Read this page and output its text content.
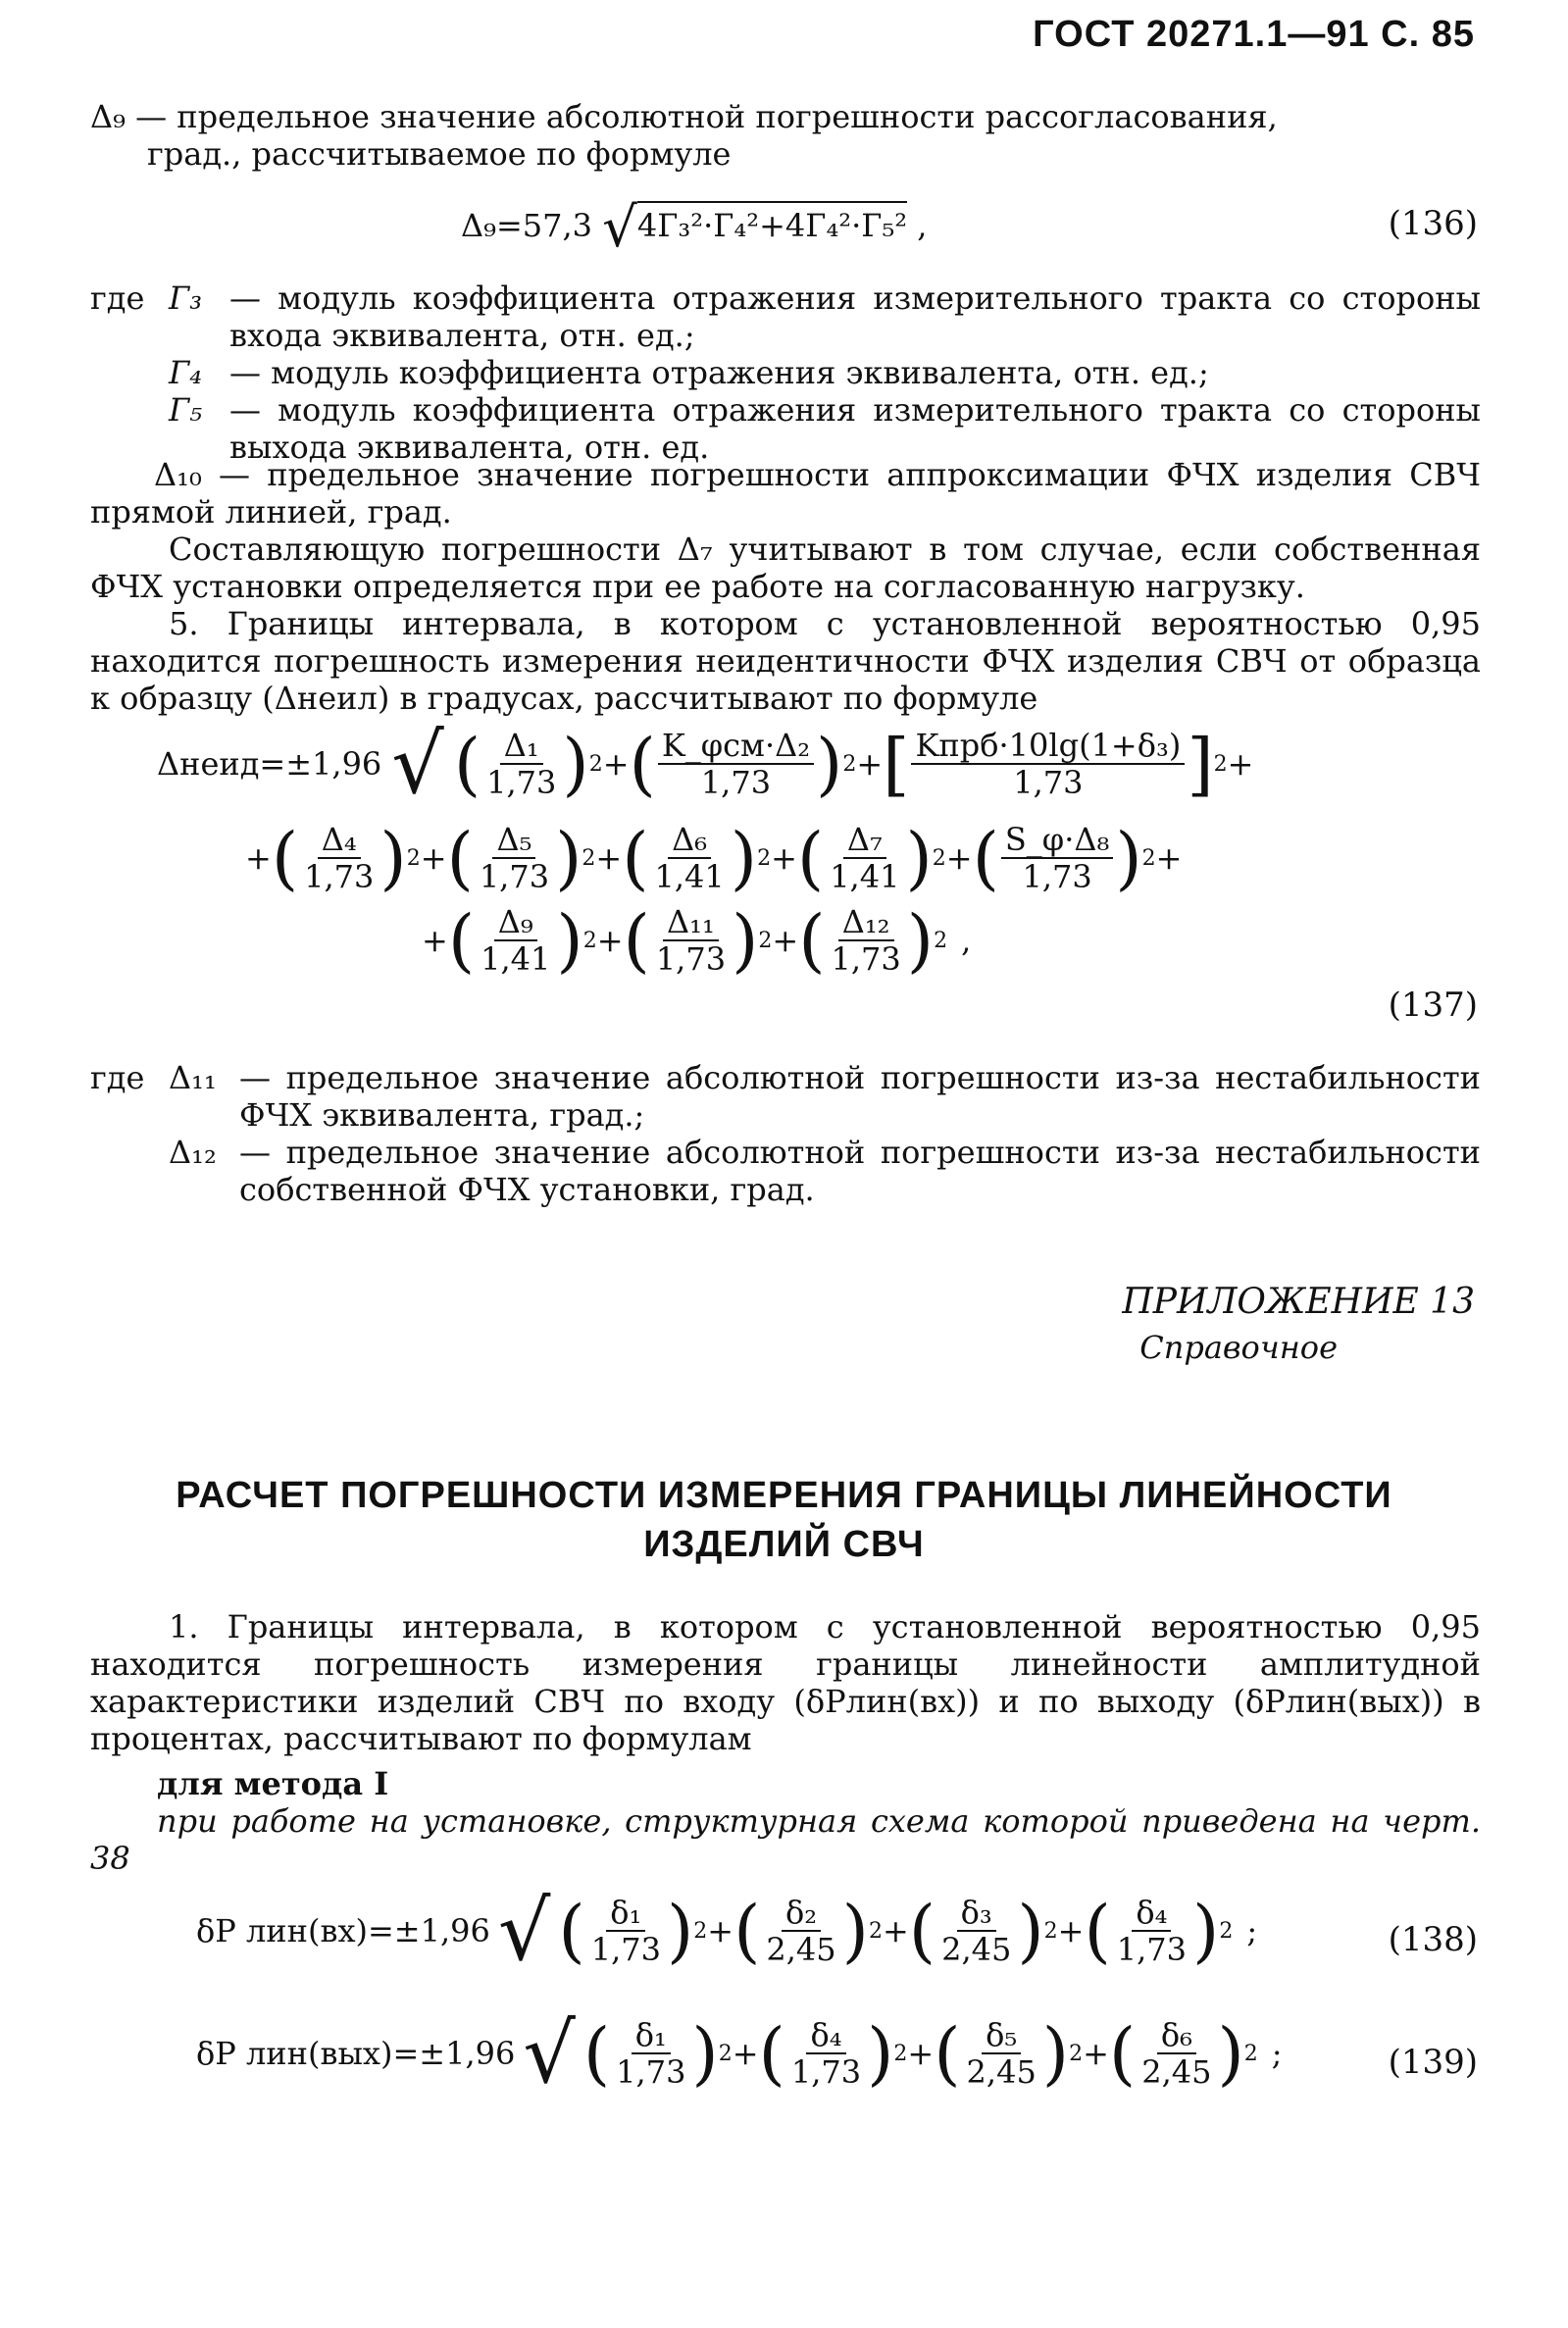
ГОСТ 20271.1—91 С. 85
Δ₉ — предельное значение абсолютной погрешности рассогласования,
град., рассчитываемое по формуле
Δ₉=57,3 √4Г₃²·Г₄²+4Г₄²·Г₅² ,	(136)
где Г₃ — модуль коэффициента отражения измерительного тракта со стороны входа эквивалента, отн. ед.;
Г₄ — модуль коэффициента отражения эквивалента, отн. ед.;
Г₅ — модуль коэффициента отражения измерительного тракта со стороны выхода эквивалента, отн. ед.
Δ₁₀ — предельное значение погрешности аппроксимации ФЧХ изделия СВЧ прямой линией, град.
Составляющую погрешности Δ₇ учитывают в том случае, если собственная ФЧХ установки определяется при ее работе на согласованную нагрузку.
5. Границы интервала, в котором с установленной вероятностью 0,95 находится погрешность измерения неидентичности ФЧХ изделия СВЧ от образца к образцу (Δнеил) в градусах, рассчитывают по формуле
Δнеид=±1,96 √ ( $\frac{\text{Δ₁}}{1,73}$ ) 2 + ( $\frac{\text{K\_φсм·Δ₂}}{1,73}$ ) 2 + [ $\frac{\text{Kпрб·10lg(1+δ₃)}}{1,73}$ ] 2 +
+ ( $\frac{\text{Δ₄}}{1,73}$ ) 2 + ( $\frac{\text{Δ₅}}{1,73}$ ) 2 + ( $\frac{\text{Δ₆}}{1,41}$ ) 2 + ( $\frac{\text{Δ₇}}{1,41}$ ) 2 + ( $\frac{\text{S\_φ·Δ₈}}{1,73}$ ) 2 +
+ ( $\frac{\text{Δ₉}}{1,41}$ ) 2 + ( $\frac{\text{Δ₁₁}}{1,73}$ ) 2 + ( $\frac{\text{Δ₁₂}}{1,73}$ ) 2 ,
(137)
где Δ₁₁ — предельное значение абсолютной погрешности из-за нестабильности ФЧХ эквивалента, град.;
Δ₁₂ — предельное значение абсолютной погрешности из-за нестабильности собственной ФЧХ установки, град.
ПРИЛОЖЕНИЕ 13
Справочное
РАСЧЕТ ПОГРЕШНОСТИ ИЗМЕРЕНИЯ ГРАНИЦЫ ЛИНЕЙНОСТИ
ИЗДЕЛИЙ СВЧ
1. Границы интервала, в котором с установленной вероятностью 0,95 находится погрешность измерения границы линейности амплитудной характеристики изделий СВЧ по входу (δPлин(вх)) и по выходу (δPлин(вых)) в процентах, рассчитывают по формулам
для метода I
при работе на установке, структурная схема которой приведена на черт. 38
δP лин(вх)=±1,96 √ ( $\frac{\text{δ₁}}{1,73}$ ) 2 + ( $\frac{\text{δ₂}}{2,45}$ ) 2 + ( $\frac{\text{δ₃}}{2,45}$ ) 2 + ( $\frac{\text{δ₄}}{1,73}$ ) 2 ;	(138)
δP лин(вых)=±1,96 √ ( $\frac{\text{δ₁}}{1,73}$ ) 2 + ( $\frac{\text{δ₄}}{1,73}$ ) 2 + ( $\frac{\text{δ₅}}{2,45}$ ) 2 + ( $\frac{\text{δ₆}}{2,45}$ ) 2 ;	(139)
